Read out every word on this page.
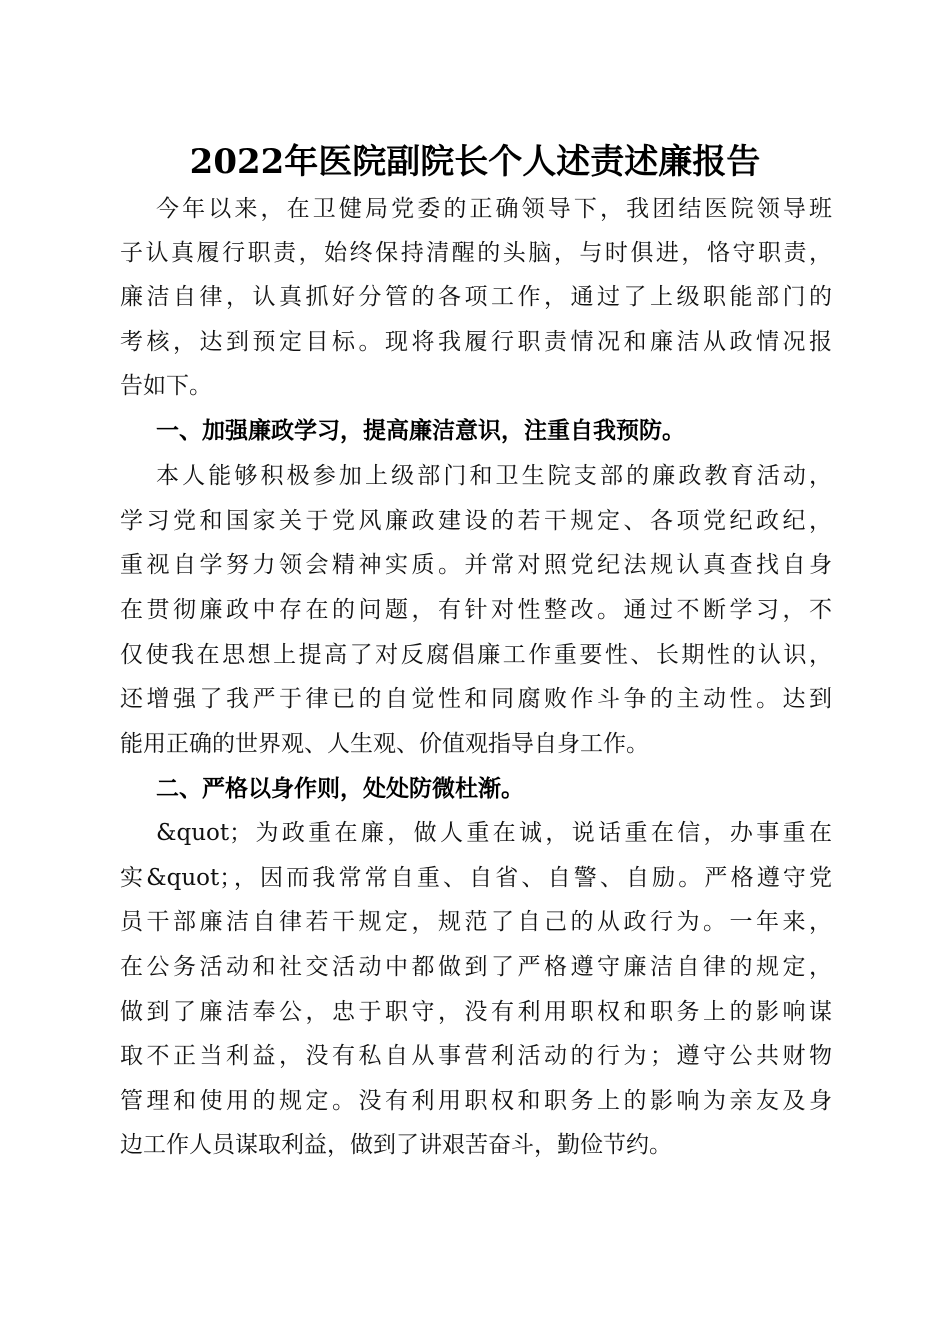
2022年医院副院长个人述责述廉报告
今年以来，在卫健局党委的正确领导下，我团结医院领导班
子认真履行职责，始终保持清醒的头脑，与时俱进，恪守职责，
廉洁自律，认真抓好分管的各项工作，通过了上级职能部门的
考核，达到预定目标。现将我履行职责情况和廉洁从政情况报
告如下。
一、加强廉政学习，提高廉洁意识，注重自我预防。
本人能够积极参加上级部门和卫生院支部的廉政教育活动，
学习党和国家关于党风廉政建设的若干规定、各项党纪政纪，
重视自学努力领会精神实质。并常对照党纪法规认真查找自身
在贯彻廉政中存在的问题，有针对性整改。通过不断学习，不
仅使我在思想上提高了对反腐倡廉工作重要性、长期性的认识，
还增强了我严于律已的自觉性和同腐败作斗争的主动性。达到
能用正确的世界观、人生观、价值观指导自身工作。
二、严格以身作则，处处防微杜渐。
&quot；为政重在廉，做人重在诚，说话重在信，办事重在
实&quot；，因而我常常自重、自省、自警、自励。严格遵守党
员干部廉洁自律若干规定，规范了自己的从政行为。一年来，
在公务活动和社交活动中都做到了严格遵守廉洁自律的规定，
做到了廉洁奉公，忠于职守，没有利用职权和职务上的影响谋
取不正当利益，没有私自从事营利活动的行为；遵守公共财物
管理和使用的规定。没有利用职权和职务上的影响为亲友及身
边工作人员谋取利益，做到了讲艰苦奋斗，勤俭节约。
